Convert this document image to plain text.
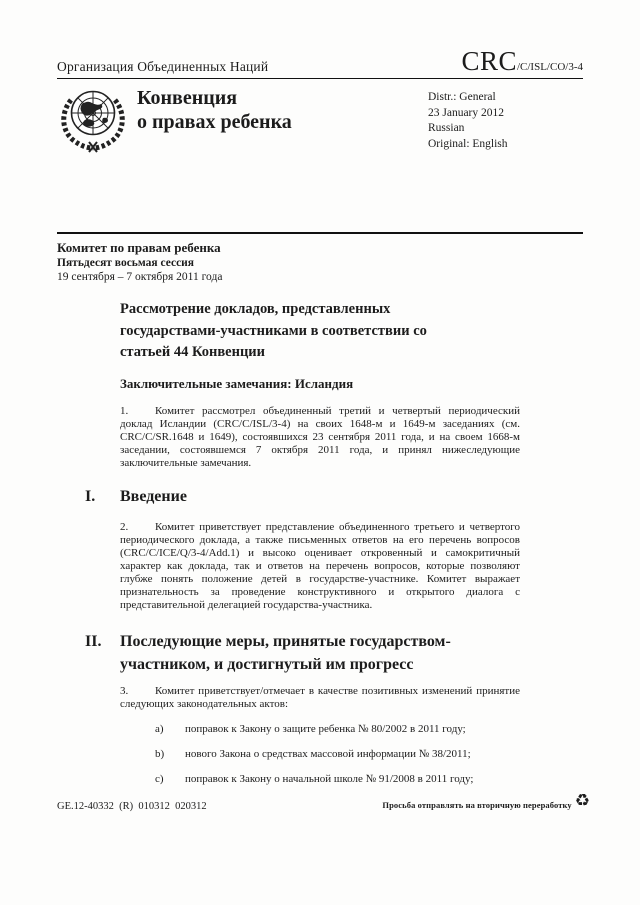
Организация Объединенных Наций	CRC/C/ISL/CO/3-4
Конвенция
о правах ребенка
Distr.: General
23 January 2012
Russian
Original: English
Комитет по правам ребенка
Пятьдесят восьмая сессия
19 сентября – 7 октября 2011 года
Рассмотрение докладов, представленных государствами-участниками в соответствии со статьей 44 Конвенции
Заключительные замечания: Исландия

1. Комитет рассмотрел объединенный третий и четвертый периодический доклад Исландии (CRC/C/ISL/3-4) на своих 1648-м и 1649-м заседаниях (см. CRC/C/SR.1648 и 1649), состоявшихся 23 сентября 2011 года, и на своем 1668-м заседании, состоявшемся 7 октября 2011 года, и принял нижеследующие заключительные замечания.

I.	Введение

2. Комитет приветствует представление объединенного третьего и четвертого периодического доклада, а также письменных ответов на его перечень вопросов (CRC/C/ICE/Q/3-4/Add.1) и высоко оценивает откровенный и самокритичный характер как доклада, так и ответов на перечень вопросов, которые позволяют глубже понять положение детей в государстве-участнике. Комитет выражает признательность за проведение конструктивного и открытого диалога с представительной делегацией государства-участника.

II.	Последующие меры, принятые государством-участником, и достигнутый им прогресс

3. Комитет приветствует/отмечает в качестве позитивных изменений принятие следующих законодательных актов:

a) поправок к Закону о защите ребенка № 80/2002 в 2011 году;
b) нового Закона о средствах массовой информации № 38/2011;
c) поправок к Закону о начальной школе № 91/2008 в 2011 году;
GE.12-40332  (R)  010312  020312	Просьба отправлять на вторичную переработку ♻
